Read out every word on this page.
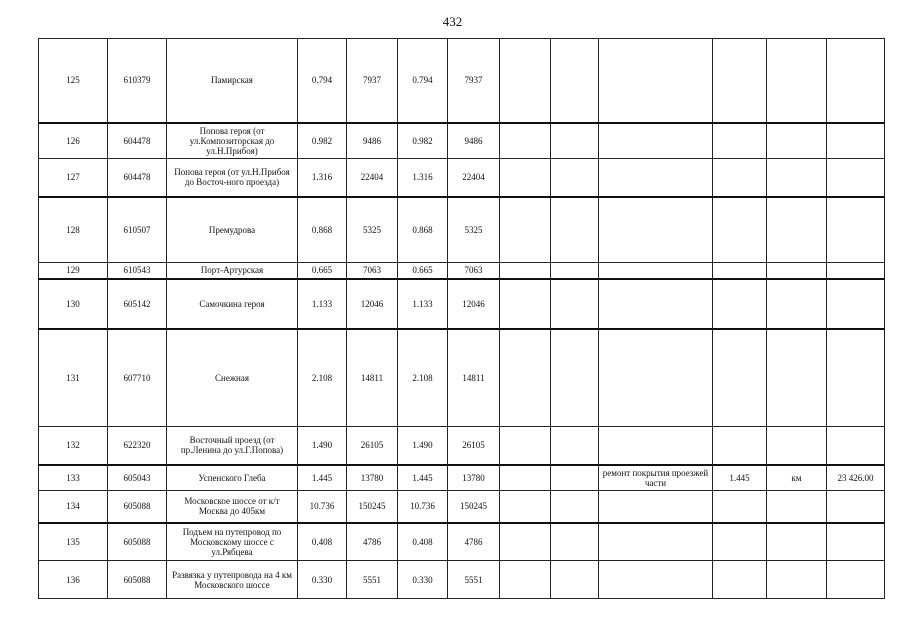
432
125	610379	Памирская	0.794	7937	0.794	7937						
126	604478	Попова героя (от ул.Композиторская до ул.Н.Прибоя)	0.982	9486	0.982	9486						
127	604478	Попова героя (от ул.Н.Прибоя до Восточ-ного проезда)	1.316	22404	1.316	22404						
128	610507	Премудрова	0.868	5325	0.868	5325						
129	610543	Порт-Артурская	0.665	7063	0.665	7063						
130	605142	Самочкина героя	1.133	12046	1.133	12046						
131	607710	Снежная	2.108	14811	2.108	14811						
132	622320	Восточный проезд (от пр.Ленина до ул.Г.Попова)	1.490	26105	1.490	26105						
133	605043	Успенского Глеба	1.445	13780	1.445	13780			ремонт покрытия проезжей части	1.445	км	23 426.00
134	605088	Московское шоссе от к/т Москва до 405км	10.736	150245	10.736	150245						
135	605088	Подъем на путепровод по Московскому шоссе с ул.Рябцева	0.408	4786	0.408	4786						
136	605088	Развязка у путепровода на 4 км Московского шоссе	0.330	5551	0.330	5551						
